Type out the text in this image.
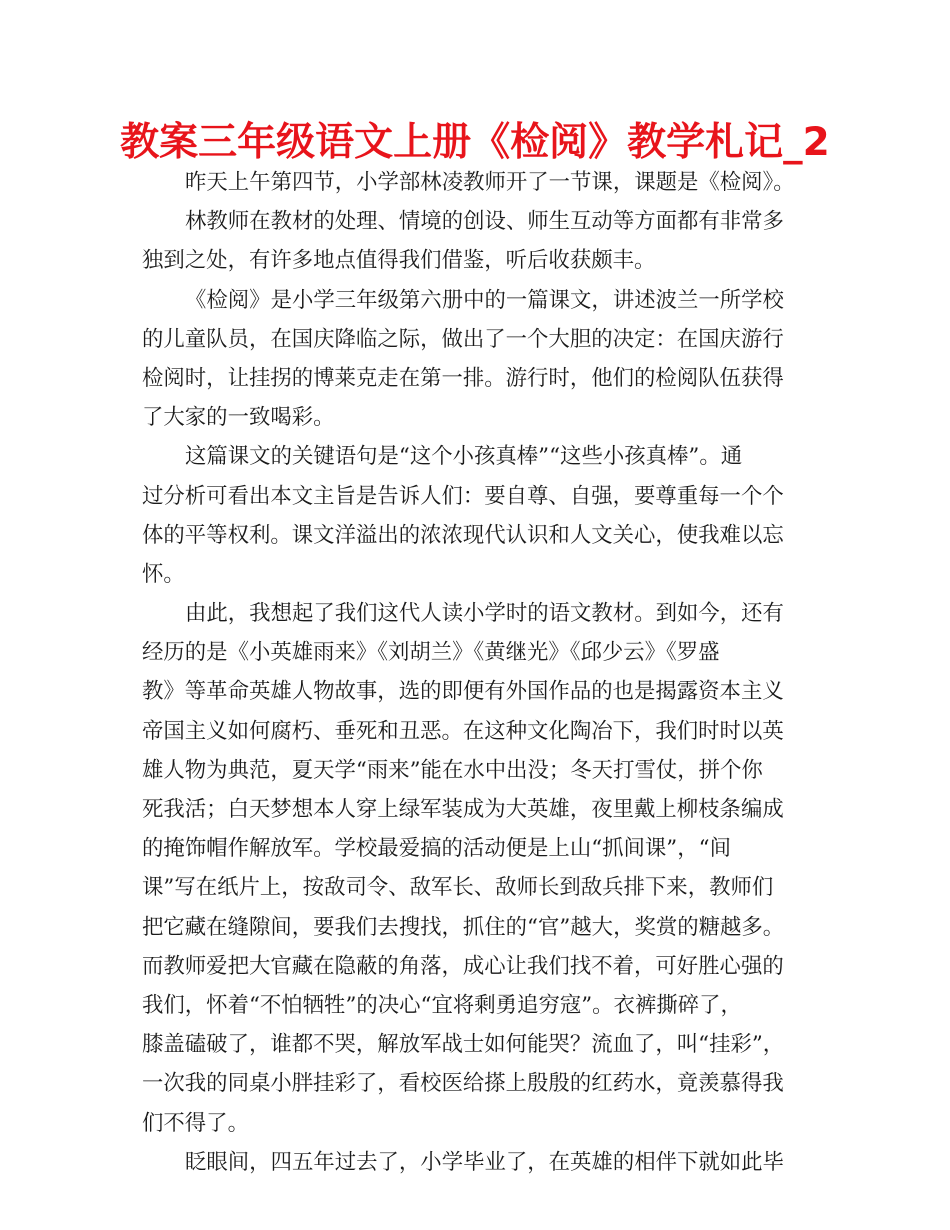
教案三年级语文上册《检阅》教学札记_2
昨天上午第四节，小学部林凌教师开了一节课，课题是《检阅》。
林教师在教材的处理、情境的创设、师生互动等方面都有非常多
独到之处，有许多地点值得我们借鉴，听后收获颇丰。
《检阅》是小学三年级第六册中的一篇课文，讲述波兰一所学校
的儿童队员，在国庆降临之际，做出了一个大胆的决定：在国庆游行
检阅时，让挂拐的博莱克走在第一排。游行时，他们的检阅队伍获得
了大家的一致喝彩。
这篇课文的关键语句是“这个小孩真棒”“这些小孩真棒”。通
过分析可看出本文主旨是告诉人们：要自尊、自强，要尊重每一个个
体的平等权利。课文洋溢出的浓浓现代认识和人文关心，使我难以忘
怀。
由此，我想起了我们这代人读小学时的语文教材。到如今，还有
经历的是《小英雄雨来》《刘胡兰》《黄继光》《邱少云》《罗盛
教》等革命英雄人物故事，选的即便有外国作品的也是揭露资本主义
帝国主义如何腐朽、垂死和丑恶。在这种文化陶冶下，我们时时以英
雄人物为典范，夏天学“雨来”能在水中出没；冬天打雪仗，拼个你
死我活；白天梦想本人穿上绿军装成为大英雄，夜里戴上柳枝条编成
的掩饰帽作解放军。学校最爱搞的活动便是上山“抓间课”，“间
课”写在纸片上，按敌司令、敌军长、敌师长到敌兵排下来，教师们
把它藏在缝隙间，要我们去搜找，抓住的“官”越大，奖赏的糖越多。
而教师爱把大官藏在隐蔽的角落，成心让我们找不着，可好胜心强的
我们，怀着“不怕牺牲”的决心“宜将剩勇追穷寇”。衣裤撕碎了，
膝盖磕破了，谁都不哭，解放军战士如何能哭？流血了，叫“挂彩”，
一次我的同桌小胖挂彩了，看校医给搽上殷殷的红药水，竟羡慕得我
们不得了。
眨眼间，四五年过去了，小学毕业了，在英雄的相伴下就如此毕
